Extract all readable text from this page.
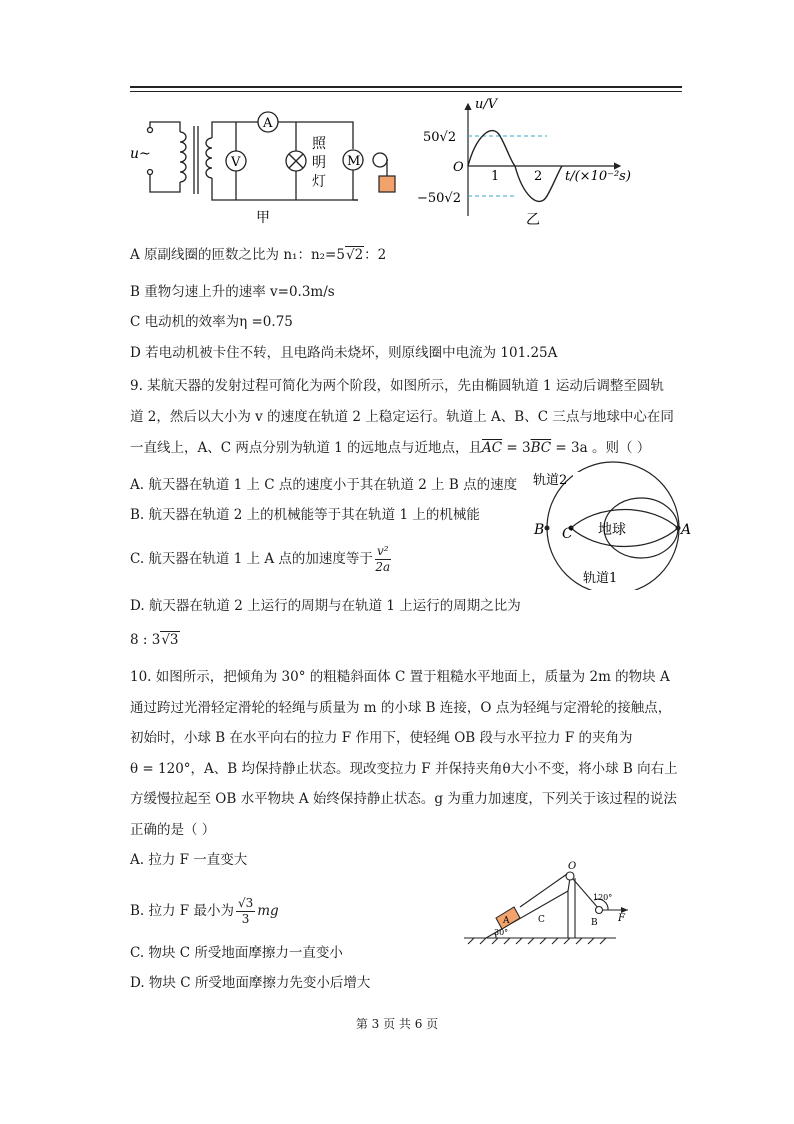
u~
A
V	M
照
明
灯
甲
u/V
50√2
−50√2
O
1	2 t/(×10⁻²s)
乙
A 原副线圈的匝数之比为 n₁：n₂=5√2：2
B 重物匀速上升的速率 v=0.3m/s
C 电动机的效率为η =0.75
D 若电动机被卡住不转，且电路尚未烧坏，则原线圈中电流为 101.25A
9. 某航天器的发射过程可简化为两个阶段，如图所示，先由椭圆轨道 1 运动后调整至圆轨
道 2，然后以大小为 v 的速度在轨道 2 上稳定运行。轨道上 A、B、C 三点与地球中心在同
一直线上，A、C 两点分别为轨道 1 的远地点与近地点，且$\overline{AC} = 3\overline{BC} = 3a$ 。则（ ）
A. 航天器在轨道 1 上 C 点的速度小于其在轨道 2 上 B 点的速度
B. 航天器在轨道 2 上的机械能等于其在轨道 1 上的机械能
C. 航天器在轨道 1 上 A 点的加速度等于 $\frac{\text{v²}}{2a}$
D. 航天器在轨道 2 上运行的周期与在轨道 1 上运行的周期之比为
8 : 3√3
轨道2
轨道1
地球
B C	A
10. 如图所示，把倾角为 30° 的粗糙斜面体 C 置于粗糙水平地面上，质量为 2m 的物块 A
通过跨过光滑轻定滑轮的轻绳与质量为 m 的小球 B 连接，O 点为轻绳与定滑轮的接触点，
初始时，小球 B 在水平向右的拉力 F 作用下，使轻绳 OB 段与水平拉力 F 的夹角为
θ = 120°，A、B 均保持静止状态。现改变拉力 F 并保持夹角θ大小不变，将小球 B 向右上
方缓慢拉起至 OB 水平物块 A 始终保持静止状态。g 为重力加速度，下列关于该过程的说法
正确的是（ ）
A. 拉力 F 一直变大
B. 拉力 F 最小为 $\frac{√3}{3}$ mg
C. 物块 C 所受地面摩擦力一直变小
D. 物块 C 所受地面摩擦力先变小后增大
O
A	C	B
120°
F
30°
第 3 页 共 6 页
